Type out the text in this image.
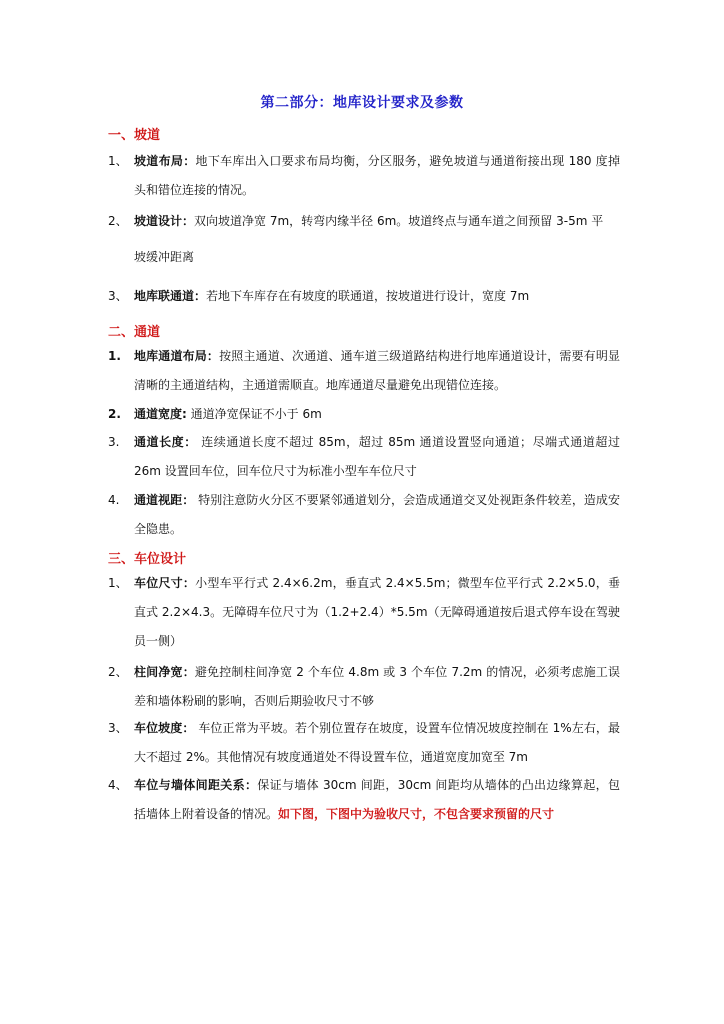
第二部分：地库设计要求及参数
一、坡道
1、 坡道布局：地下车库出入口要求布局均衡，分区服务，避免坡道与通道衔接出现 180 度掉头和错位连接的情况。
2、 坡道设计：双向坡道净宽 7m，转弯内缘半径 6m。坡道终点与通车道之间预留 3-5m 平
坡缓冲距离
3、 地库联通道：若地下车库存在有坡度的联通道，按坡道进行设计，宽度 7m
二、通道
1. 地库通道布局：按照主通道、次通道、通车道三级道路结构进行地库通道设计，需要有明显清晰的主通道结构，主通道需顺直。地库通道尽量避免出现错位连接。
2. 通道宽度: 通道净宽保证不小于 6m
3. 通道长度： 连续通道长度不超过 85m，超过 85m 通道设置竖向通道；尽端式通道超过 26m 设置回车位，回车位尺寸为标准小型车车位尺寸
4. 通道视距： 特别注意防火分区不要紧邻通道划分，会造成通道交叉处视距条件较差，造成安全隐患。
三、车位设计
1、 车位尺寸：小型车平行式 2.4×6.2m，垂直式 2.4×5.5m；微型车位平行式 2.2×5.0，垂直式 2.2×4.3。无障碍车位尺寸为（1.2+2.4）*5.5m（无障碍通道按后退式停车设在驾驶员一侧）
2、 柱间净宽：避免控制柱间净宽 2 个车位 4.8m 或 3 个车位 7.2m 的情况，必须考虑施工误差和墙体粉刷的影响，否则后期验收尺寸不够
3、 车位坡度： 车位正常为平坡。若个别位置存在坡度，设置车位情况坡度控制在 1%左右，最大不超过 2%。其他情况有坡度通道处不得设置车位，通道宽度加宽至 7m
4、 车位与墙体间距关系：保证与墙体 30cm 间距，30cm 间距均从墙体的凸出边缘算起，包括墙体上附着设备的情况。如下图，下图中为验收尺寸，不包含要求预留的尺寸
